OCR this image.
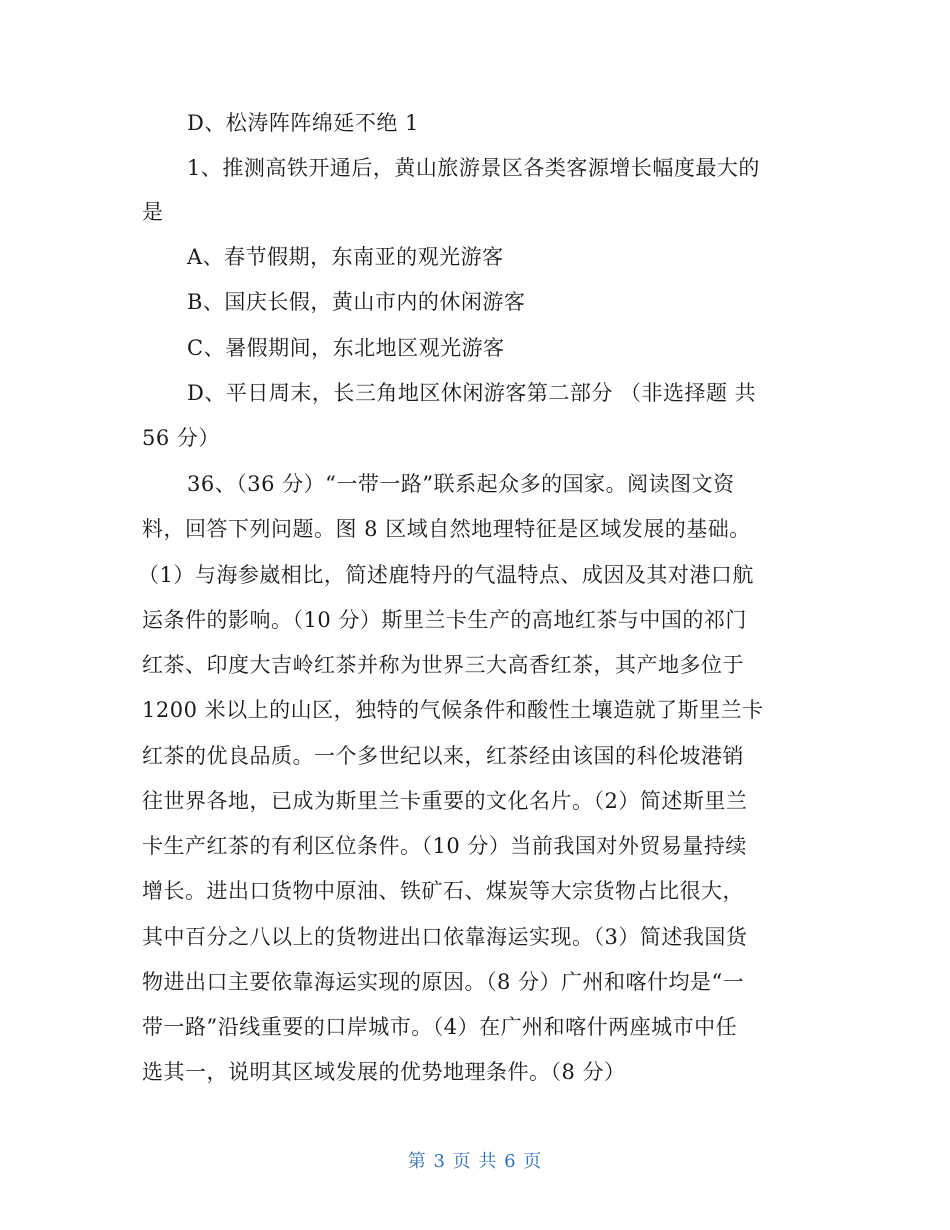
D、松涛阵阵绵延不绝 1
1、推测高铁开通后，黄山旅游景区各类客源增长幅度最大的
是
A、春节假期，东南亚的观光游客
B、国庆长假，黄山市内的休闲游客
C、暑假期间，东北地区观光游客
D、平日周末，长三角地区休闲游客第二部分 （非选择题 共
56 分）
36、（36 分）“一带一路”联系起众多的国家。阅读图文资
料，回答下列问题。图 8 区域自然地理特征是区域发展的基础。
（1）与海参崴相比，简述鹿特丹的气温特点、成因及其对港口航
运条件的影响。（10 分）斯里兰卡生产的高地红茶与中国的祁门
红茶、印度大吉岭红茶并称为世界三大高香红茶，其产地多位于
1200 米以上的山区，独特的气候条件和酸性土壤造就了斯里兰卡
红茶的优良品质。一个多世纪以来，红茶经由该国的科伦坡港销
往世界各地，已成为斯里兰卡重要的文化名片。（2）简述斯里兰
卡生产红茶的有利区位条件。（10 分）当前我国对外贸易量持续
增长。进出口货物中原油、铁矿石、煤炭等大宗货物占比很大，
其中百分之八以上的货物进出口依靠海运实现。（3）简述我国货
物进出口主要依靠海运实现的原因。（8 分）广州和喀什均是“一
带一路”沿线重要的口岸城市。（4）在广州和喀什两座城市中任
选其一，说明其区域发展的优势地理条件。（8 分）
第 3 页 共 6 页
